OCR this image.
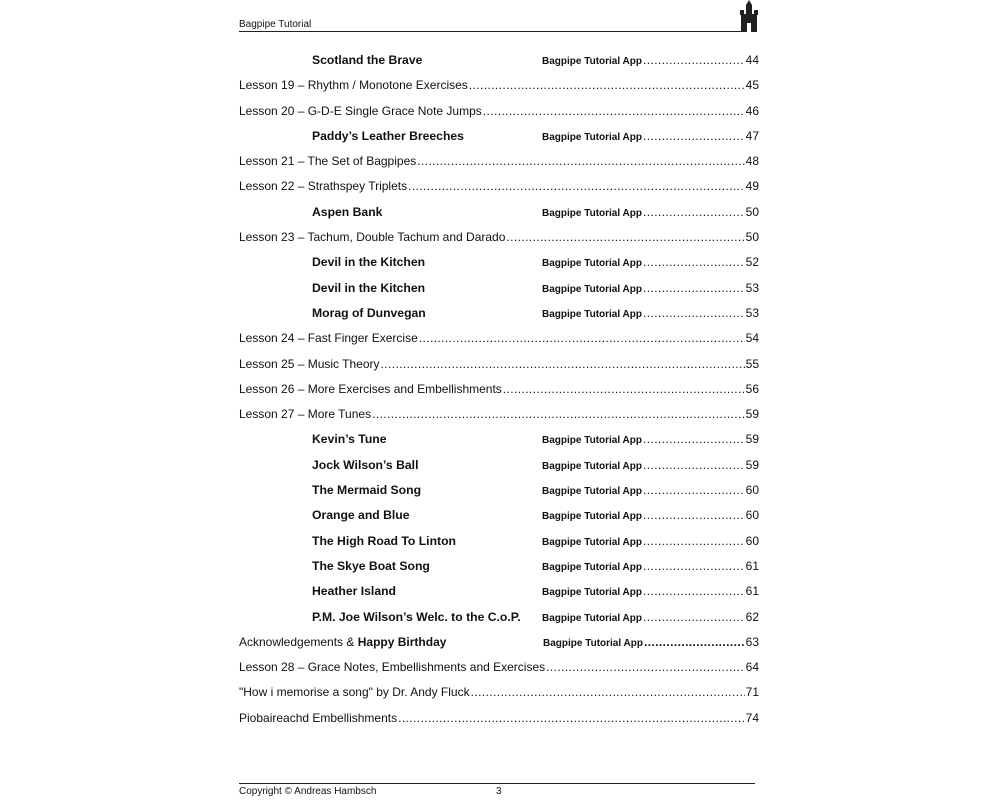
Bagpipe Tutorial
Scotland the Brave	Bagpipe Tutorial App .....	44
Lesson 19 – Rhythm / Monotone Exercises .....	45
Lesson 20 – G-D-E Single Grace Note Jumps .....	46
Paddy’s Leather Breeches	Bagpipe Tutorial App .....	47
Lesson 21 – The Set of Bagpipes .....	48
Lesson 22 – Strathspey Triplets .....	49
Aspen Bank	Bagpipe Tutorial App .....	50
Lesson 23 – Tachum, Double Tachum and Darado .....	50
Devil in the Kitchen	Bagpipe Tutorial App .....	52
Devil in the Kitchen	Bagpipe Tutorial App .....	53
Morag of Dunvegan	Bagpipe Tutorial App .....	53
Lesson 24 – Fast Finger Exercise .....	54
Lesson 25 – Music Theory .....	55
Lesson 26 – More Exercises and Embellishments .....	56
Lesson 27 – More Tunes .....	59
Kevin’s Tune	Bagpipe Tutorial App .....	59
Jock Wilson’s Ball	Bagpipe Tutorial App .....	59
The Mermaid Song	Bagpipe Tutorial App .....	60
Orange and Blue	Bagpipe Tutorial App .....	60
The High Road To Linton	Bagpipe Tutorial App .....	60
The Skye Boat Song	Bagpipe Tutorial App .....	61
Heather Island	Bagpipe Tutorial App .....	61
P.M. Joe Wilson’s Welc. to the C.o.P. Bagpipe Tutorial App .....	62
Acknowledgements & Happy Birthday	Bagpipe Tutorial App .....	63
Lesson 28 – Grace Notes, Embellishments and Exercises .....	64
"How i memorise a song" by Dr. Andy Fluck .....	71
Piobaireachd Embellishments .....	74
Copyright © Andreas Hambsch	3
